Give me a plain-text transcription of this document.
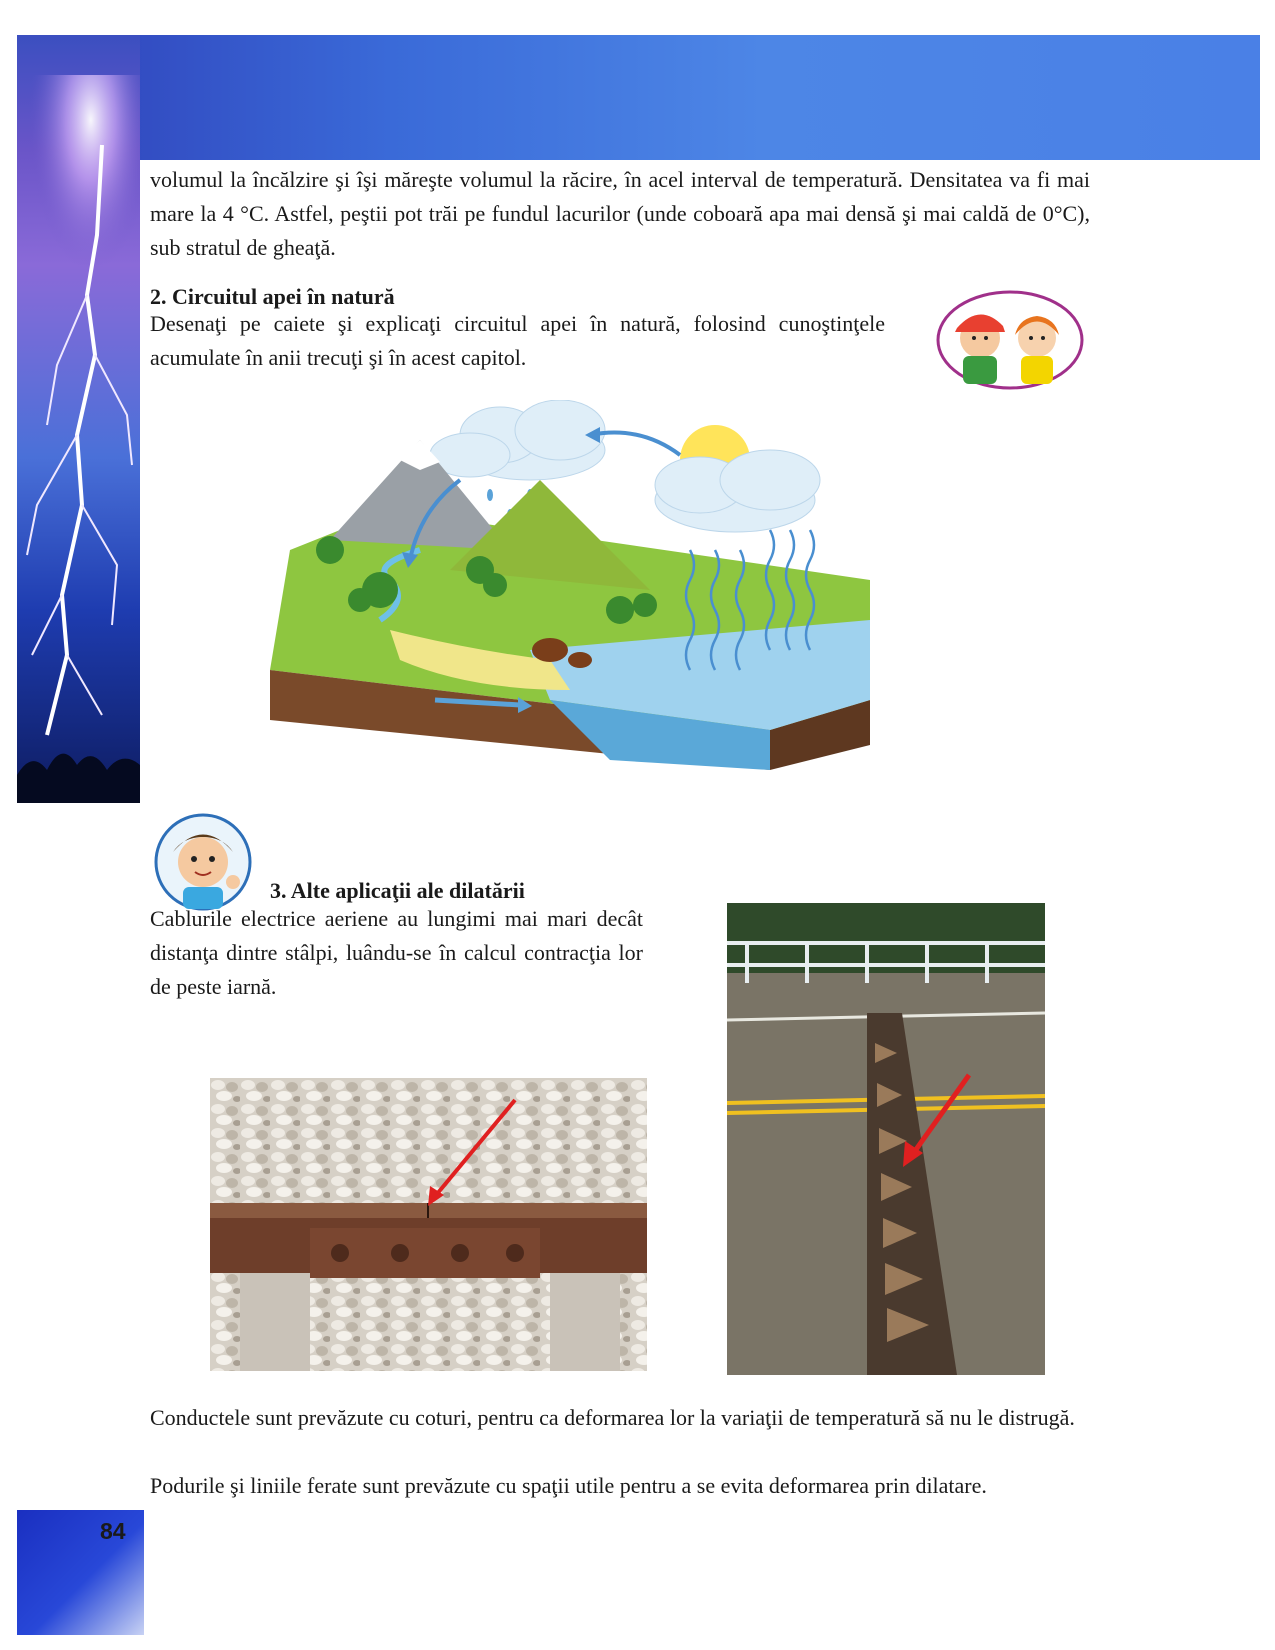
volumul la încălzire şi îşi măreşte volumul la răcire, în acel interval de temperatură. Densitatea va fi mai mare la 4 °C. Astfel, peştii pot trăi pe fundul lacurilor (unde coboară apa mai densă şi mai caldă de 0°C), sub stratul de gheaţă.

2. Circuitul apei în natură

Desenaţi pe caiete şi explicaţi circuitul apei în natură, folosind cunoştinţele acumulate în anii trecuţi şi în acest capitol.

3. Alte aplicaţii ale dilatării

Cablurile electrice aeriene au lungimi mai mari decât distanţa dintre stâlpi, luându-se în calcul contracţia lor de peste iarnă.

Conductele sunt prevăzute cu coturi, pentru ca deformarea lor la variaţii de temperatură să nu le distrugă.

Podurile şi liniile ferate sunt prevăzute cu spaţii utile pentru a se evita deformarea prin dilatare.

84
